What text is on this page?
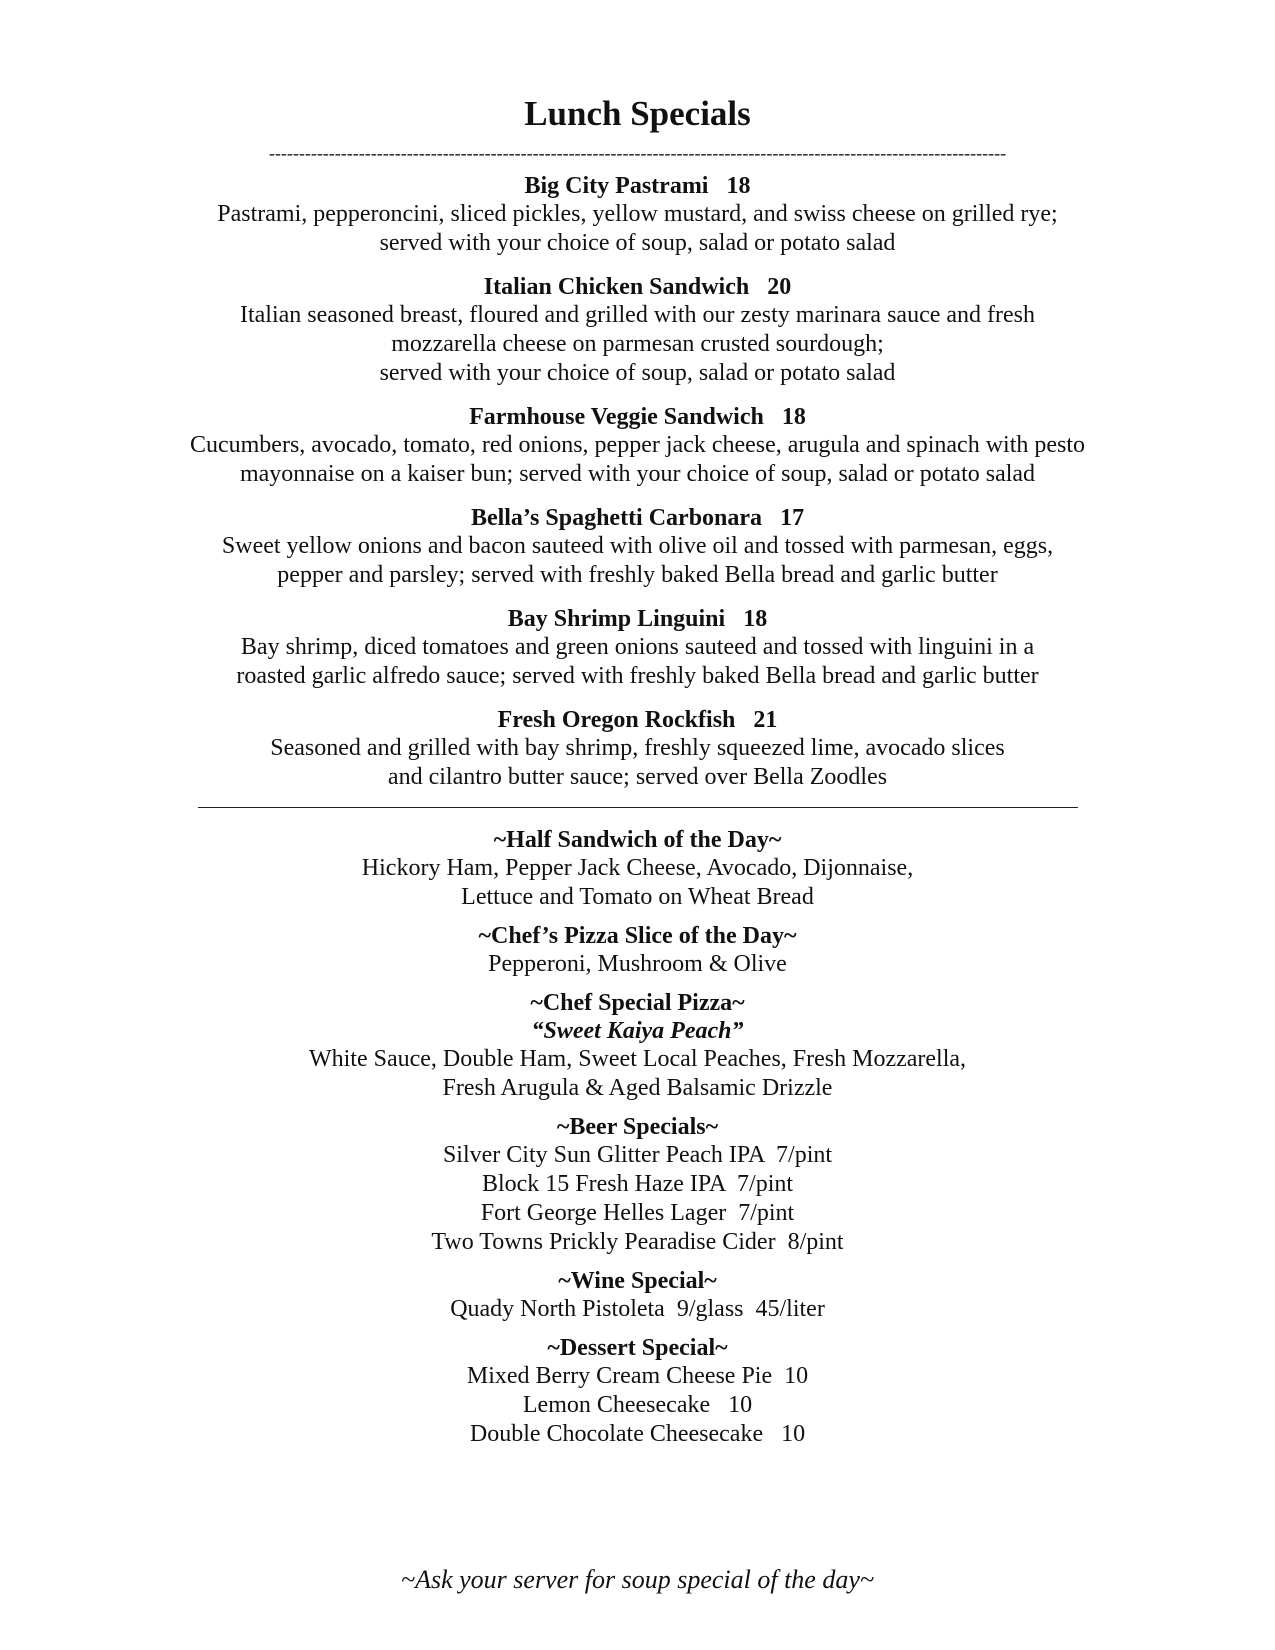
Lunch Specials
---------------------------------------------------------------------------------------------------------------------------
Big City Pastrami 18
Pastrami, pepperoncini, sliced pickles, yellow mustard, and swiss cheese on grilled rye;
served with your choice of soup, salad or potato salad
Italian Chicken Sandwich 20
Italian seasoned breast, floured and grilled with our zesty marinara sauce and fresh
mozzarella cheese on parmesan crusted sourdough;
served with your choice of soup, salad or potato salad
Farmhouse Veggie Sandwich 18
Cucumbers, avocado, tomato, red onions, pepper jack cheese, arugula and spinach with pesto
mayonnaise on a kaiser bun; served with your choice of soup, salad or potato salad
Bella’s Spaghetti Carbonara 17
Sweet yellow onions and bacon sauteed with olive oil and tossed with parmesan, eggs,
pepper and parsley; served with freshly baked Bella bread and garlic butter
Bay Shrimp Linguini 18
Bay shrimp, diced tomatoes and green onions sauteed and tossed with linguini in a
roasted garlic alfredo sauce; served with freshly baked Bella bread and garlic butter
Fresh Oregon Rockfish 21
Seasoned and grilled with bay shrimp, freshly squeezed lime, avocado slices
and cilantro butter sauce; served over Bella Zoodles
~Half Sandwich of the Day~
Hickory Ham, Pepper Jack Cheese, Avocado, Dijonnaise,
Lettuce and Tomato on Wheat Bread
~Chef’s Pizza Slice of the Day~
Pepperoni, Mushroom & Olive
~Chef Special Pizza~
“Sweet Kaiya Peach”
White Sauce, Double Ham, Sweet Local Peaches, Fresh Mozzarella,
Fresh Arugula & Aged Balsamic Drizzle
~Beer Specials~
Silver City Sun Glitter Peach IPA  7/pint
Block 15 Fresh Haze IPA  7/pint
Fort George Helles Lager  7/pint
Two Towns Prickly Pearadise Cider  8/pint
~Wine Special~
Quady North Pistoleta  9/glass  45/liter
~Dessert Special~
Mixed Berry Cream Cheese Pie  10
Lemon Cheesecake   10
Double Chocolate Cheesecake   10
~Ask your server for soup special of the day~
